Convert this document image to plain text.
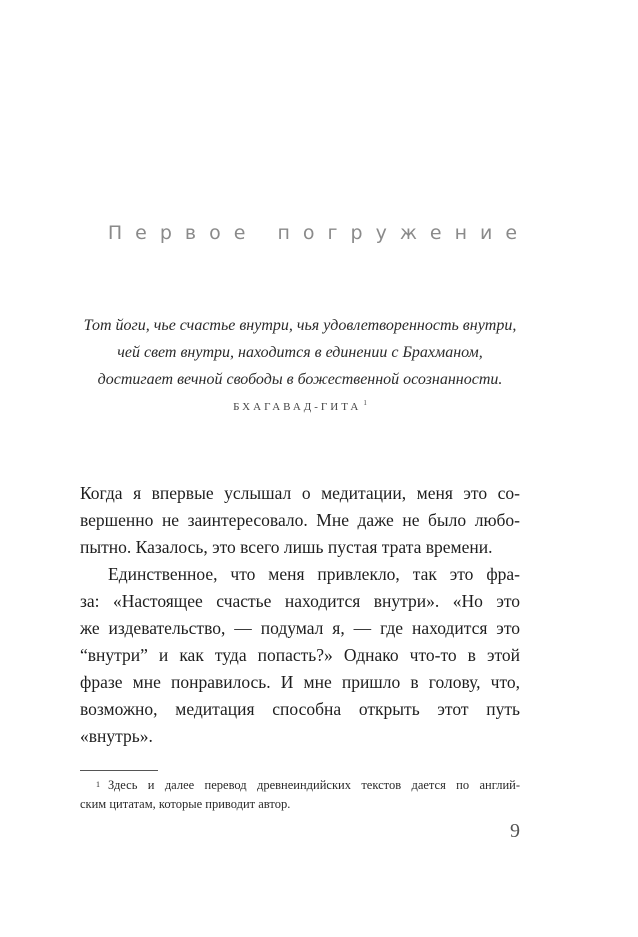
Первое погружение
Тот йоги, чье счастье внутри, чья удовлетворенность внутри,
чей свет внутри, находится в единении с Брахманом,
достигает вечной свободы в божественной осознанности.
БХАГАВАД-ГИТА $^1$
Когда я впервые услышал о медитации, меня это со-
вершенно не заинтересовало. Мне даже не было любо-
пытно. Казалось, это всего лишь пустая трата времени.
Единственное, что меня привлекло, так это фра-
за: «Настоящее счастье находится внутри». «Но это
же издевательство, — подумал я, — где находится это
“внутри” и как туда попасть?» Однако что-то в этой
фразе мне понравилось. И мне пришло в голову, что,
возможно, медитация способна открыть этот путь
«внутрь».
$^1$ Здесь и далее перевод древнеиндийских текстов дается по англий-
ским цитатам, которые приводит автор.
9
